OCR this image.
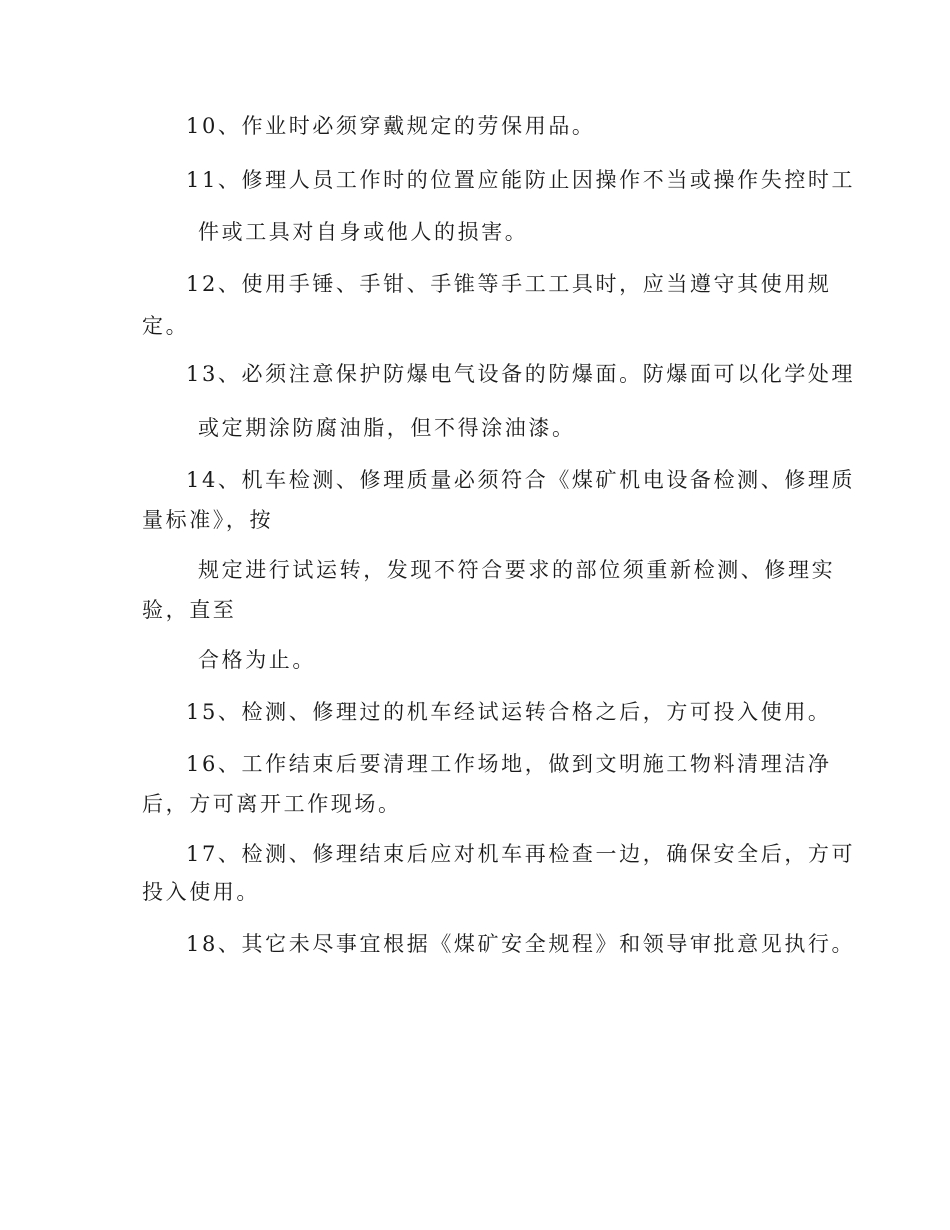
10、作业时必须穿戴规定的劳保用品。

11、修理人员工作时的位置应能防止因操作不当或操作失控时工

件或工具对自身或他人的损害。

12、使用手锤、手钳、手锥等手工工具时，应当遵守其使用规

定。

13、必须注意保护防爆电气设备的防爆面。防爆面可以化学处理

或定期涂防腐油脂，但不得涂油漆。

14、机车检测、修理质量必须符合《煤矿机电设备检测、修理质

量标准》，按

规定进行试运转，发现不符合要求的部位须重新检测、修理实

验，直至

合格为止。

15、检测、修理过的机车经试运转合格之后，方可投入使用。

16、工作结束后要清理工作场地，做到文明施工物料清理洁净

后，方可离开工作现场。

17、检测、修理结束后应对机车再检查一边，确保安全后，方可

投入使用。

18、其它未尽事宜根据《煤矿安全规程》和领导审批意见执行。
